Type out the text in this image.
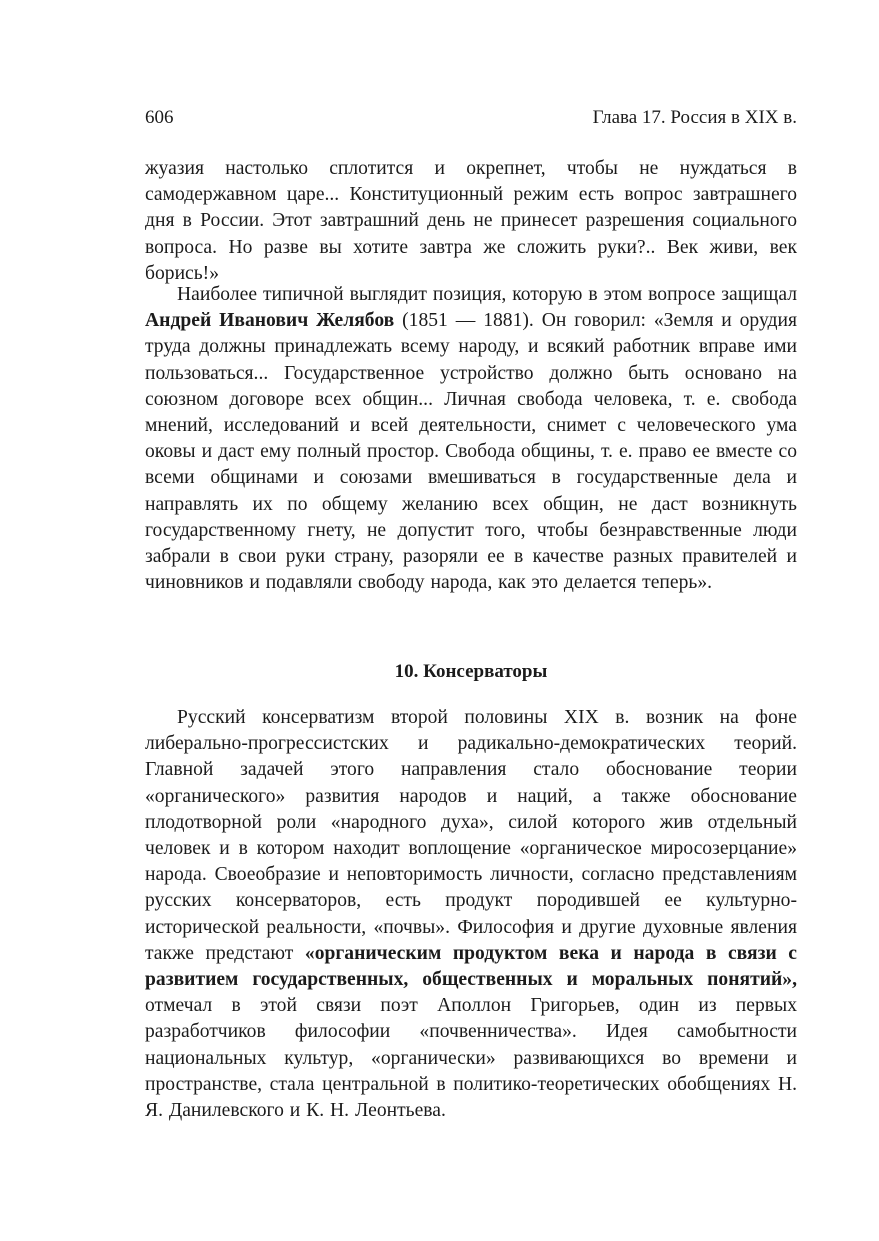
606	Глава 17. Россия в XIX в.

жуазия настолько сплотится и окрепнет, чтобы не нуждаться в самодержавном царе... Конституционный режим есть вопрос завтрашнего дня в России. Этот завтрашний день не принесет разрешения социального вопроса. Но разве вы хотите завтра же сложить руки?.. Век живи, век борись!»

Наиболее типичной выглядит позиция, которую в этом вопросе защищал Андрей Иванович Желябов (1851 — 1881). Он говорил: «Земля и орудия труда должны принадлежать всему народу, и всякий работник вправе ими пользоваться... Государственное устройство должно быть основано на союзном договоре всех общин... Личная свобода человека, т. е. свобода мнений, исследований и всей деятельности, снимет с человеческого ума оковы и даст ему полный простор. Свобода общины, т. е. право ее вместе со всеми общинами и союзами вмешиваться в государственные дела и направлять их по общему желанию всех общин, не даст возникнуть государственному гнету, не допустит того, чтобы безнравственные люди забрали в свои руки страну, разоряли ее в качестве разных правителей и чиновников и подавляли свободу народа, как это делается теперь».

10. Консерваторы

Русский консерватизм второй половины XIX в. возник на фоне либерально-прогрессистских и радикально-демократических теорий. Главной задачей этого направления стало обоснование теории «органического» развития народов и наций, а также обоснование плодотворной роли «народного духа», силой которого жив отдельный человек и в котором находит воплощение «органическое миросозерцание» народа. Своеобразие и неповторимость личности, согласно представлениям русских консерваторов, есть продукт породившей ее культурно-исторической реальности, «почвы». Философия и другие духовные явления также предстают «органическим продуктом века и народа в связи с развитием государственных, общественных и моральных понятий», отмечал в этой связи поэт Аполлон Григорьев, один из первых разработчиков философии «почвенничества». Идея самобытности национальных культур, «органически» развивающихся во времени и пространстве, стала центральной в политико-теоретических обобщениях Н. Я. Данилевского и К. Н. Леонтьева.
